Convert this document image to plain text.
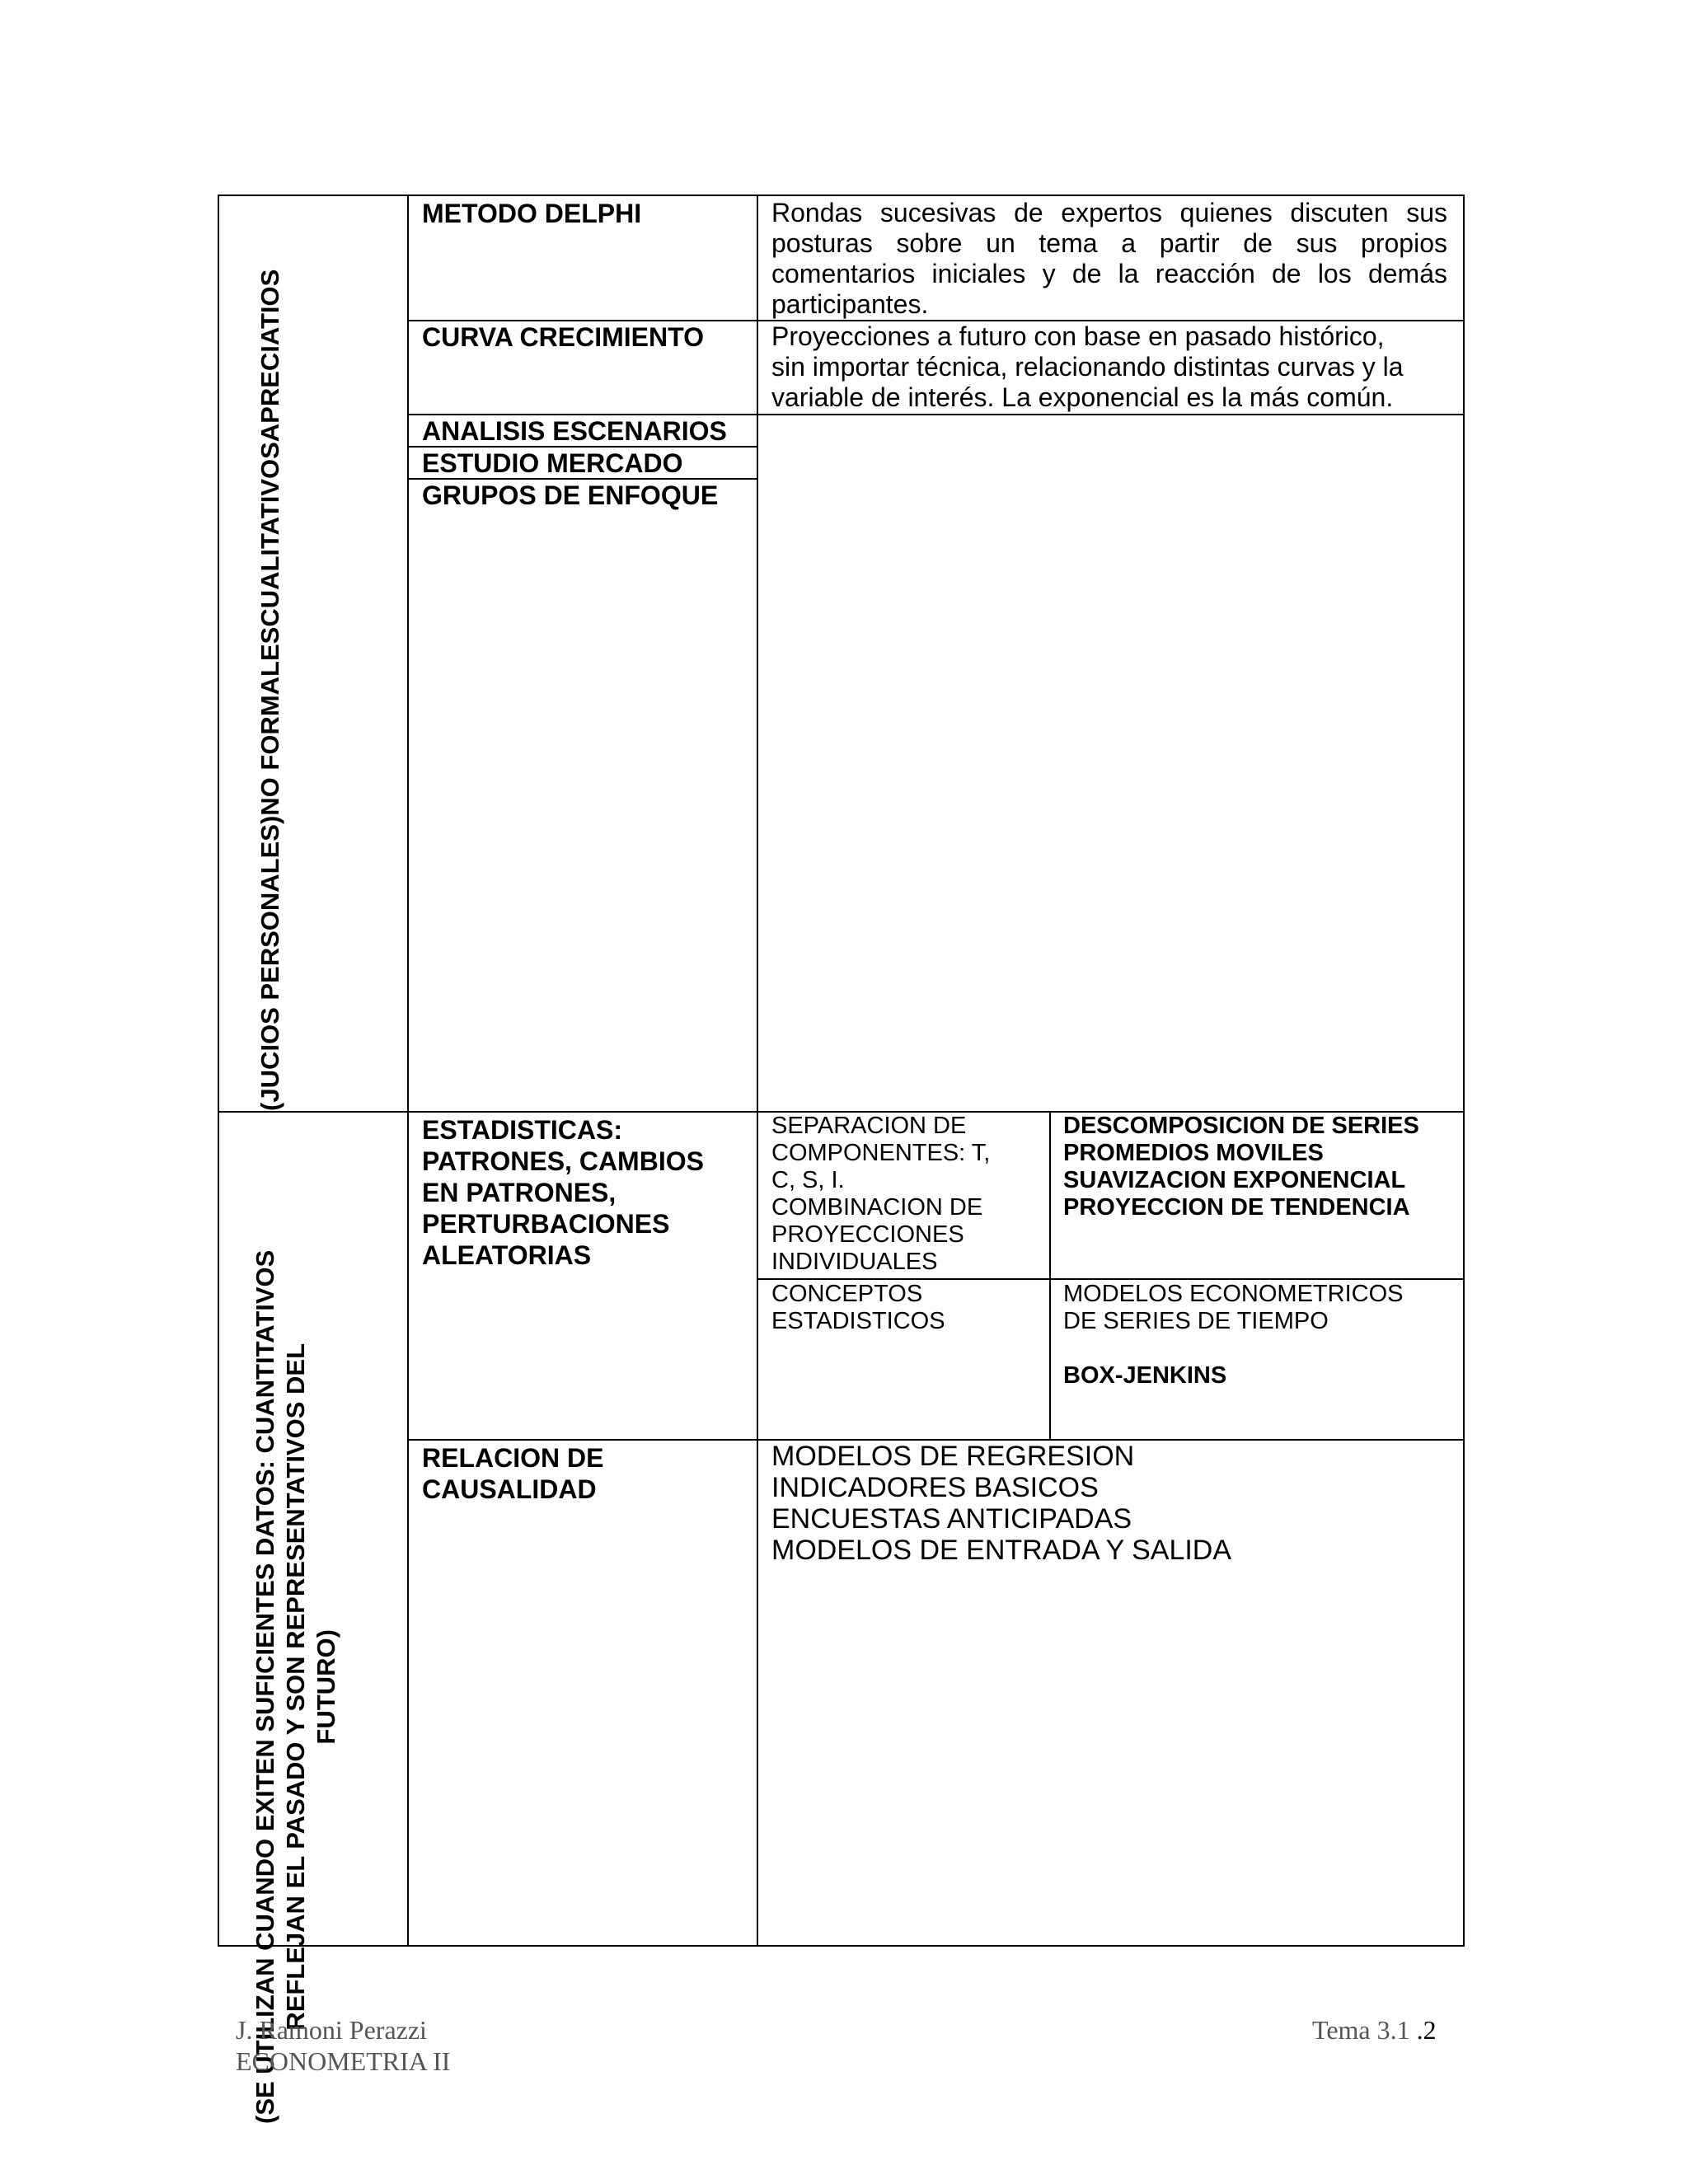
(JUCIOS PERSONALES)NO FORMALESCUALITATIVOSAPRECIATIOS
(SE UTILIZAN CUANDO EXITEN SUFICIENTES DATOS: CUANTITATIVOS REFLEJAN EL PASADO Y SON REPRESENTATIVOS DEL FUTURO)
METODO DELPHI	Rondas sucesivas de expertos quienes discuten sus posturas sobre un tema a partir de sus propios comentarios iniciales y de la reacción de los demás participantes.
CURVA CRECIMIENTO	Proyecciones a futuro con base en pasado histórico,
sin importar técnica, relacionando distintas curvas y la
variable de interés. La exponencial es la más común.
ANALISIS ESCENARIOS
ESTUDIO MERCADO
GRUPOS DE ENFOQUE
ESTADISTICAS:
PATRONES, CAMBIOS
EN PATRONES,
PERTURBACIONES
ALEATORIAS
SEPARACION DE
COMPONENTES: T,
C, S, I.
COMBINACION DE
PROYECCIONES
INDIVIDUALES
DESCOMPOSICION DE SERIES
PROMEDIOS MOVILES
SUAVIZACION EXPONENCIAL
PROYECCION DE TENDENCIA
CONCEPTOS
ESTADISTICOS
MODELOS ECONOMETRICOS
DE SERIES DE TIEMPO
BOX-JENKINS
RELACION DE
CAUSALIDAD
MODELOS DE REGRESION
INDICADORES BASICOS
ENCUESTAS ANTICIPADAS
MODELOS DE ENTRADA Y SALIDA
J. Ramoni Perazzi
ECONOMETRIA II
Tema 3.1 .2
